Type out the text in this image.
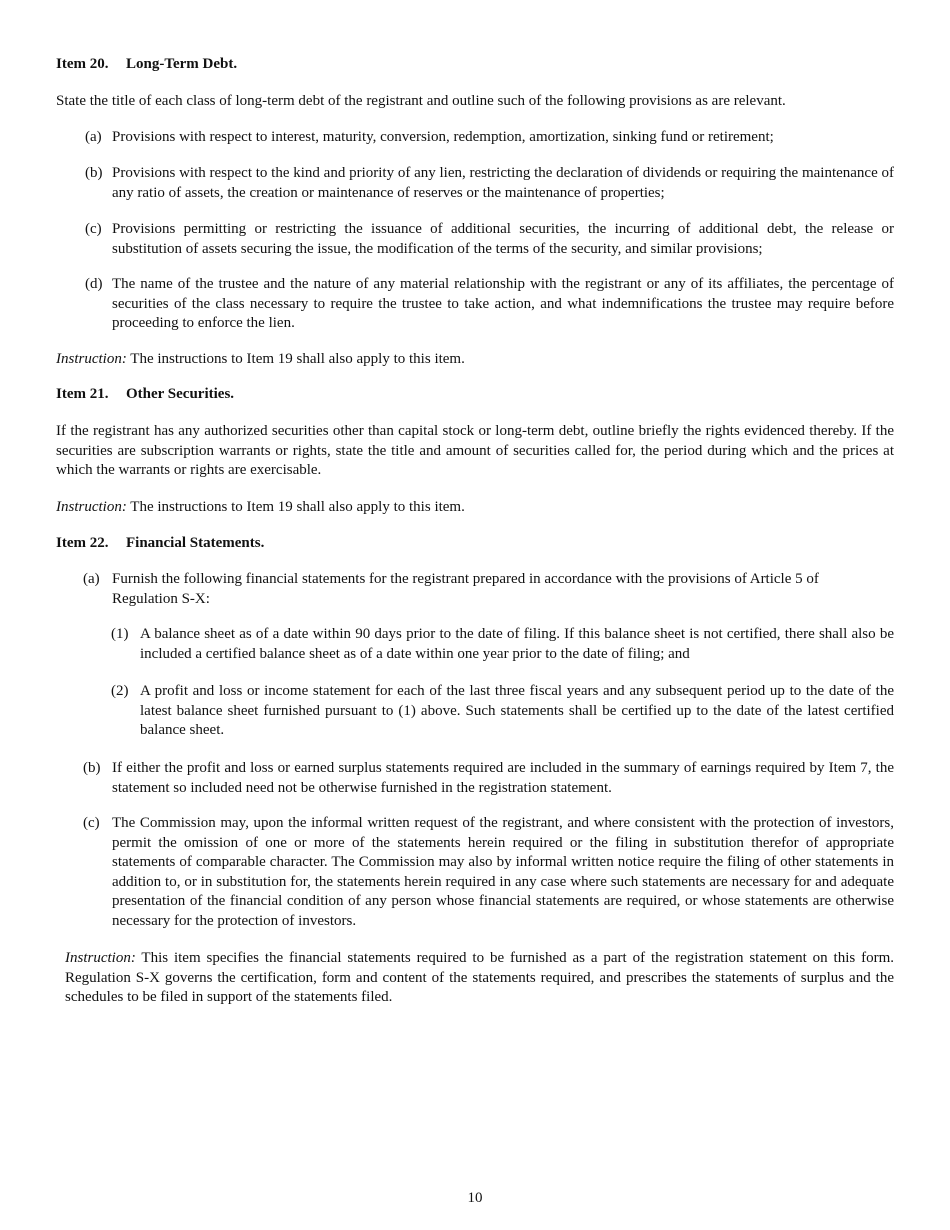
Item 20. Long-Term Debt.
State the title of each class of long-term debt of the registrant and outline such of the following provisions as are relevant.
(a) Provisions with respect to interest, maturity, conversion, redemption, amortization, sinking fund or retirement;
(b) Provisions with respect to the kind and priority of any lien, restricting the declaration of dividends or requiring the maintenance of any ratio of assets, the creation or maintenance of reserves or the maintenance of properties;
(c) Provisions permitting or restricting the issuance of additional securities, the incurring of additional debt, the release or substitution of assets securing the issue, the modification of the terms of the security, and similar provisions;
(d) The name of the trustee and the nature of any material relationship with the registrant or any of its affiliates, the percentage of securities of the class necessary to require the trustee to take action, and what indemnifications the trustee may require before proceeding to enforce the lien.
Instruction: The instructions to Item 19 shall also apply to this item.
Item 21. Other Securities.
If the registrant has any authorized securities other than capital stock or long-term debt, outline briefly the rights evidenced thereby. If the securities are subscription warrants or rights, state the title and amount of securities called for, the period during which and the prices at which the warrants or rights are exercisable.
Instruction: The instructions to Item 19 shall also apply to this item.
Item 22. Financial Statements.
(a) Furnish the following financial statements for the registrant prepared in accordance with the provisions of Article 5 of Regulation S-X:
(1) A balance sheet as of a date within 90 days prior to the date of filing. If this balance sheet is not certified, there shall also be included a certified balance sheet as of a date within one year prior to the date of filing; and
(2) A profit and loss or income statement for each of the last three fiscal years and any subsequent period up to the date of the latest balance sheet furnished pursuant to (1) above. Such statements shall be certified up to the date of the latest certified balance sheet.
(b) If either the profit and loss or earned surplus statements required are included in the summary of earnings required by Item 7, the statement so included need not be otherwise furnished in the registration statement.
(c) The Commission may, upon the informal written request of the registrant, and where consistent with the protection of investors, permit the omission of one or more of the statements herein required or the filing in substitution therefor of appropriate statements of comparable character. The Commission may also by informal written notice require the filing of other statements in addition to, or in substitution for, the statements herein required in any case where such statements are necessary for and adequate presentation of the financial condition of any person whose financial statements are required, or whose statements are otherwise necessary for the protection of investors.
Instruction: This item specifies the financial statements required to be furnished as a part of the registration statement on this form. Regulation S-X governs the certification, form and content of the statements required, and prescribes the statements of surplus and the schedules to be filed in support of the statements filed.
10
